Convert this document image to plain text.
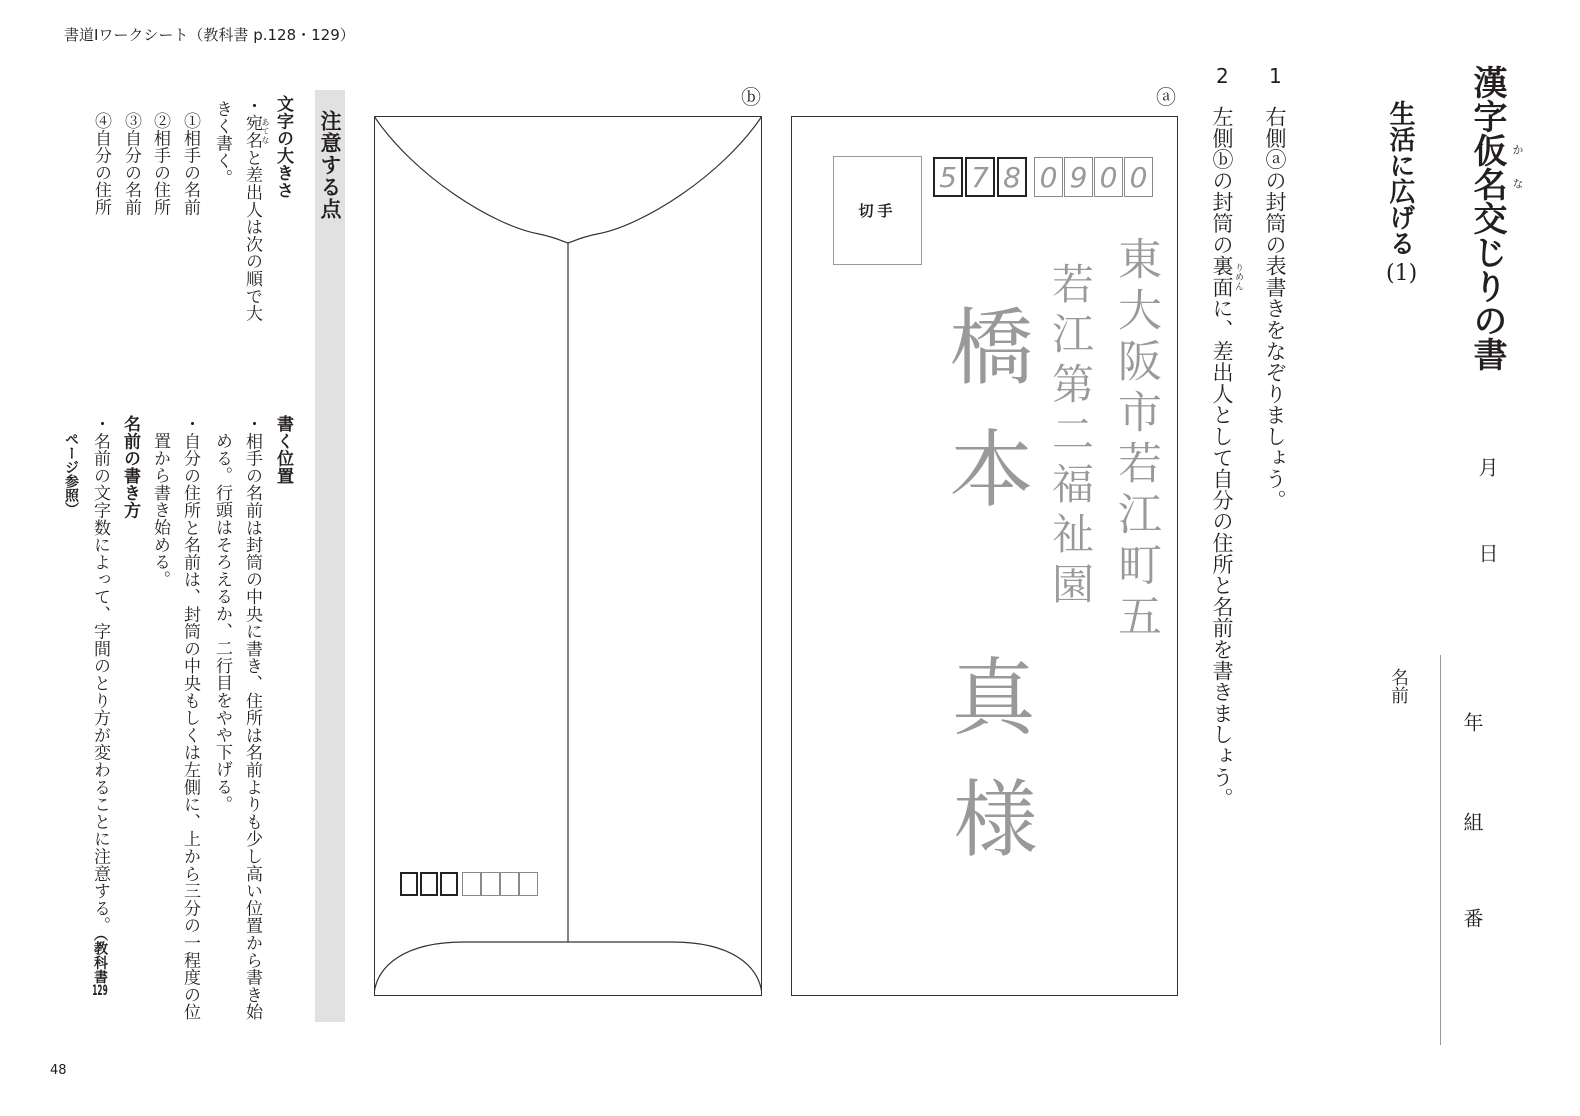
書道Ⅰワークシート（教科書 p.128・129）
48
漢字仮名 かな
交じりの書
生活に広げる
(1)
月
日
名前
年
組
番
1
右側ⓐの封筒の表書きをなぞりましょう。
2
左側ⓑの封筒の裏面 りめん
に、差出人として自分の住所と名前を書きましょう。
ⓐ
切手
5 7 8 0 9 0 0
東大阪市若江町五
若江第二福祉園
橋本
真
様
ⓑ
注意する点
文字の大きさ
・宛名 あてな
と差出人は次の順で大
きく書く。
①相手の名前
②相手の住所
③自分の名前
④自分の住所
書く位置
・相手の名前は封筒の中央に書き、住所は名前よりも少し高い位置から書き始
める。行頭はそろえるか、二行目をやや下げる。
・自分の住所と名前は、封筒の中央もしくは左側に、上から三分の一程度の位
置から書き始める。
名前の書き方
・名前の文字数によって、字間のとり方が変わることに注意する。（教科書129
ページ参照）
